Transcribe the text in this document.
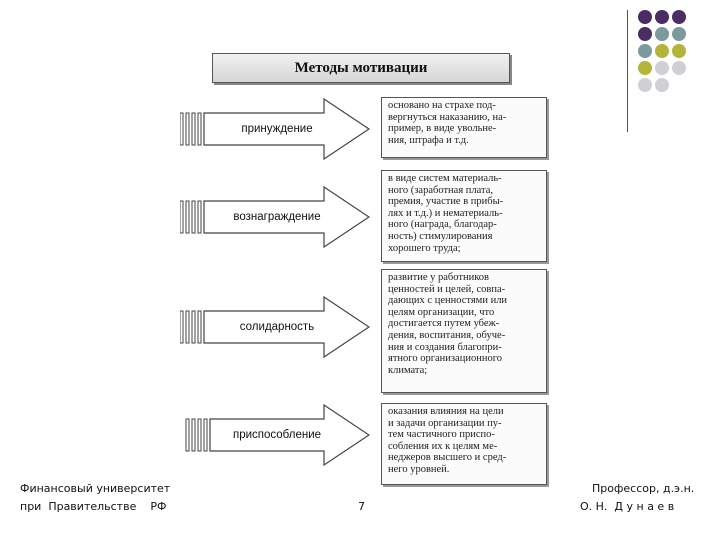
Методы мотивации
принуждение
вознаграждение
солидарность
приспособление
основано на страхе под-
вергнуться наказанию, на-
пример, в виде увольне-
ния, штрафа и т.д.
в виде систем материаль-
ного (заработная плата,
премия, участие в прибы-
лях и т.д.) и нематериаль-
ного (награда, благодар-
ность) стимулирования
хорошего труда;
развитие у работников
ценностей и целей, совпа-
дающих с ценностями или
целям организации, что
достигается путем убеж-
дения, воспитания, обуче-
ния и создания благопри-
ятного организационного
климата;
оказания влияния на цели
и задачи организации пу-
тем частичного приспо-
собления их к целям ме-
неджеров высшего и сред-
него уровней.
Финансовый университет
при  Правительстве    РФ	7
Профессор, д.э.н.
О. Н.  Д у н а е в
